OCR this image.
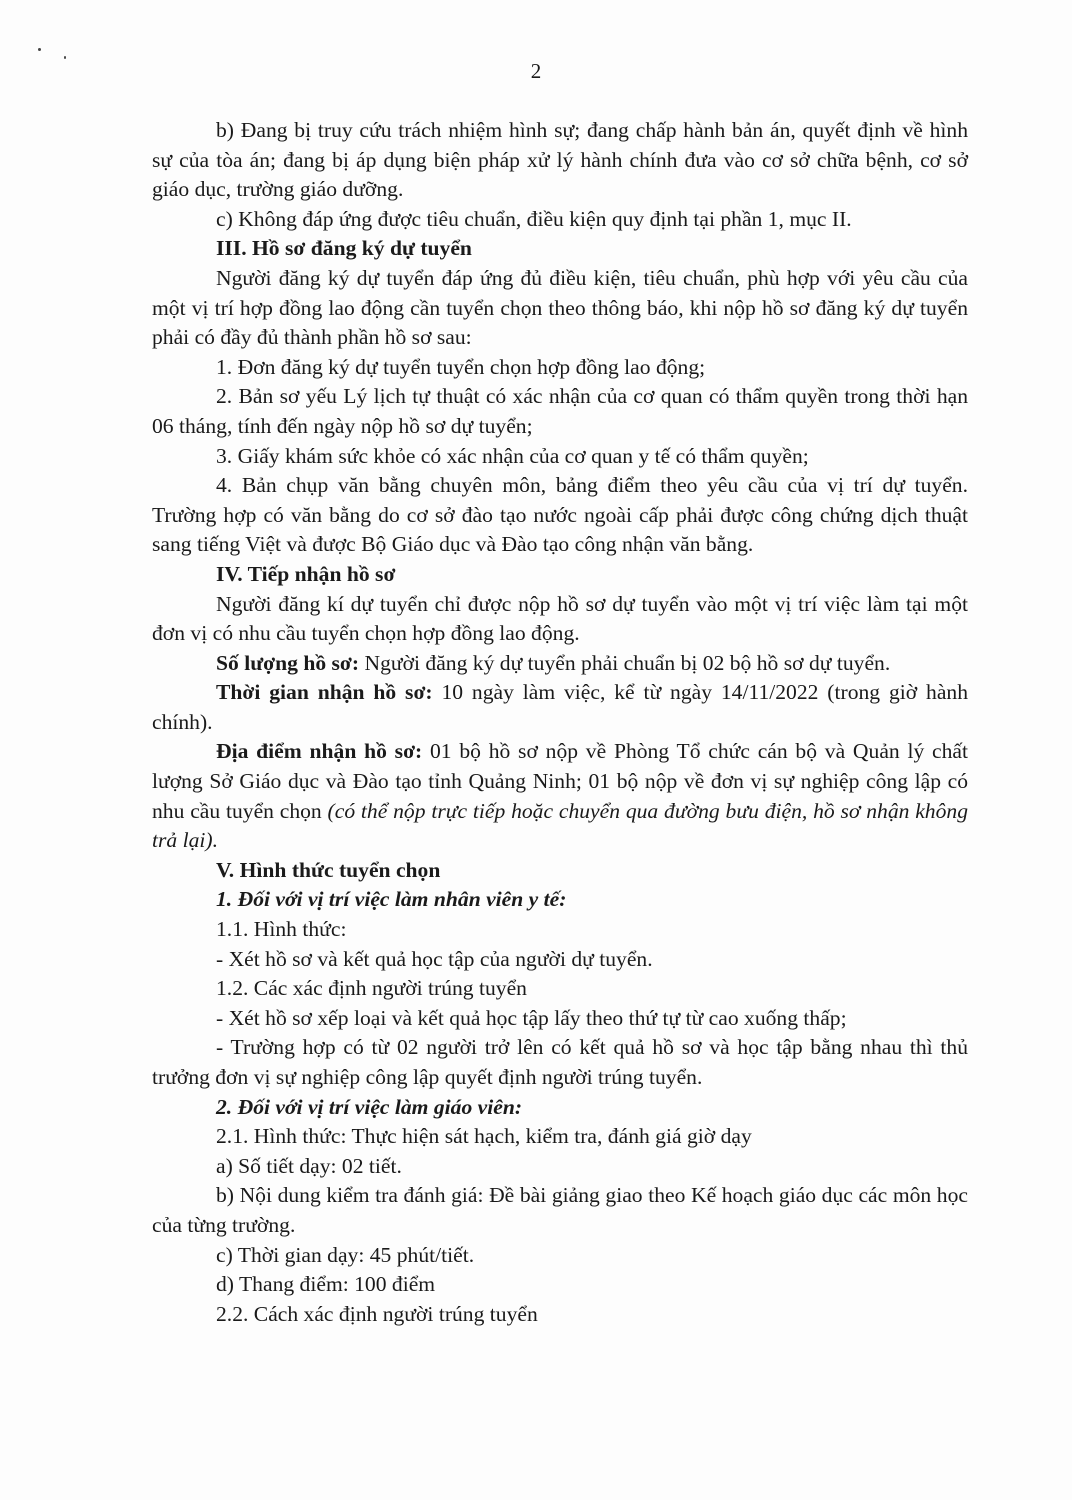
2

b) Đang bị truy cứu trách nhiệm hình sự; đang chấp hành bản án, quyết định về hình sự của tòa án; đang bị áp dụng biện pháp xử lý hành chính đưa vào cơ sở chữa bệnh, cơ sở giáo dục, trường giáo dưỡng.

c) Không đáp ứng được tiêu chuẩn, điều kiện quy định tại phần 1, mục II.

III. Hồ sơ đăng ký dự tuyển

Người đăng ký dự tuyển đáp ứng đủ điều kiện, tiêu chuẩn, phù hợp với yêu cầu của một vị trí hợp đồng lao động cần tuyển chọn theo thông báo, khi nộp hồ sơ đăng ký dự tuyển phải có đầy đủ thành phần hồ sơ sau:

1. Đơn đăng ký dự tuyển tuyển chọn hợp đồng lao động;

2. Bản sơ yếu Lý lịch tự thuật có xác nhận của cơ quan có thẩm quyền trong thời hạn 06 tháng, tính đến ngày nộp hồ sơ dự tuyển;

3. Giấy khám sức khỏe có xác nhận của cơ quan y tế có thẩm quyền;

4. Bản chụp văn bằng chuyên môn, bảng điểm theo yêu cầu của vị trí dự tuyển. Trường hợp có văn bằng do cơ sở đào tạo nước ngoài cấp phải được công chứng dịch thuật sang tiếng Việt và được Bộ Giáo dục và Đào tạo công nhận văn bằng.

IV. Tiếp nhận hồ sơ

Người đăng kí dự tuyển chỉ được nộp hồ sơ dự tuyển vào một vị trí việc làm tại một đơn vị có nhu cầu tuyển chọn hợp đồng lao động.

Số lượng hồ sơ: Người đăng ký dự tuyển phải chuẩn bị 02 bộ hồ sơ dự tuyển.

Thời gian nhận hồ sơ: 10 ngày làm việc, kể từ ngày 14/11/2022 (trong giờ hành chính).

Địa điểm nhận hồ sơ: 01 bộ hồ sơ nộp về Phòng Tổ chức cán bộ và Quản lý chất lượng Sở Giáo dục và Đào tạo tỉnh Quảng Ninh; 01 bộ nộp về đơn vị sự nghiệp công lập có nhu cầu tuyển chọn (có thể nộp trực tiếp hoặc chuyển qua đường bưu điện, hồ sơ nhận không trả lại).

V. Hình thức tuyển chọn

1. Đối với vị trí việc làm nhân viên y tế:

1.1. Hình thức:

- Xét hồ sơ và kết quả học tập của người dự tuyển.

1.2. Các xác định người trúng tuyển

- Xét hồ sơ xếp loại và kết quả học tập lấy theo thứ tự từ cao xuống thấp;

- Trường hợp có từ 02 người trở lên có kết quả hồ sơ và học tập bằng nhau thì thủ trưởng đơn vị sự nghiệp công lập quyết định người trúng tuyển.

2. Đối với vị trí việc làm giáo viên:

2.1. Hình thức: Thực hiện sát hạch, kiểm tra, đánh giá giờ dạy

a) Số tiết dạy: 02 tiết.

b) Nội dung kiểm tra đánh giá: Đề bài giảng giao theo Kế hoạch giáo dục các môn học của từng trường.

c) Thời gian dạy: 45 phút/tiết.

d) Thang điểm: 100 điểm

2.2. Cách xác định người trúng tuyển
